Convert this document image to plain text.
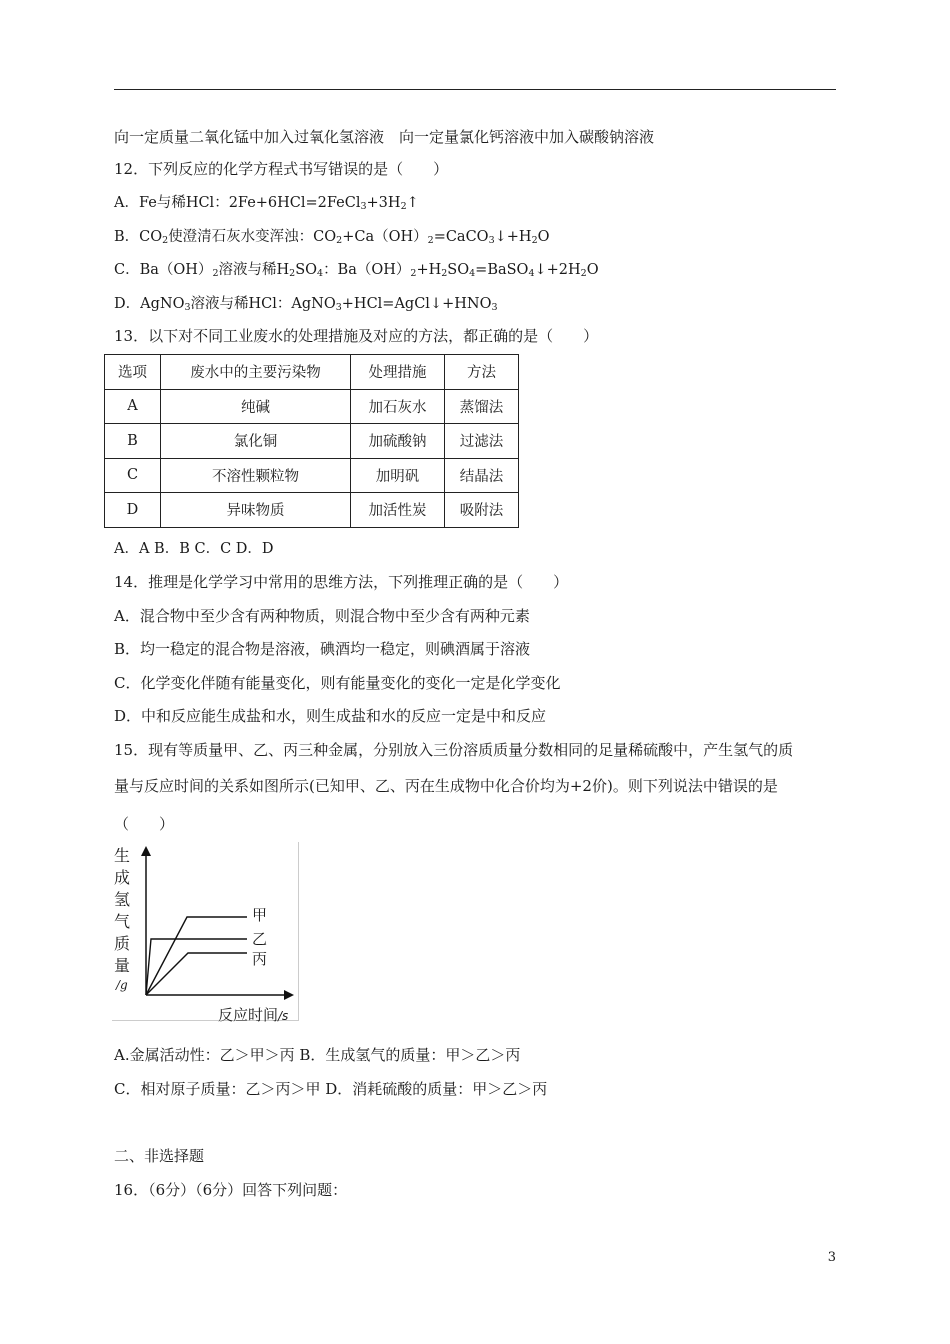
向一定质量二氧化锰中加入过氧化氢溶液　向一定量氯化钙溶液中加入碳酸钠溶液
12．下列反应的化学方程式书写错误的是（　　）
A．Fe与稀HCl：$2Fe+6HCl=2FeCl_3+3H_2↑$
B．$CO_2$使澄清石灰水变浑浊：$CO_2+Ca(OH)_2=CaCO_3↓+H_2O$
C．$Ba(OH)_2$溶液与稀$H_2SO_4$：$Ba(OH)_2+H_2SO_4=BaSO_4↓+2H_2O$
D．AgNO$_3$溶液与稀HCl：$AgNO_3+HCl=AgCl↓+HNO_3$
13．以下对不同工业废水的处理措施及对应的方法，都正确的是（　　）
选项	废水中的主要污染物	处理措施	方法
A	纯碱	加石灰水	蒸馏法
B	氯化铜	加硫酸钠	过滤法
C	不溶性颗粒物	加明矾	结晶法
D	异味物质	加活性炭	吸附法
A．A B．B C．C D．D
14．推理是化学学习中常用的思维方法，下列推理正确的是（　　）
A．混合物中至少含有两种物质，则混合物中至少含有两种元素
B．均一稳定的混合物是溶液，碘酒均一稳定，则碘酒属于溶液
C．化学变化伴随有能量变化，则有能量变化的变化一定是化学变化
D．中和反应能生成盐和水，则生成盐和水的反应一定是中和反应
15．现有等质量甲、乙、丙三种金属，分别放入三份溶质质量分数相同的足量稀硫酸中，产生氢气的质
量与反应时间的关系如图所示(已知甲、乙、丙在生成物中化合价均为+2价)。则下列说法中错误的是
（　　）
生
成
氢
气
质
量
/g
反应时间/s
甲
乙
丙
A.金属活动性：乙＞甲＞丙 B．生成氢气的质量：甲＞乙＞丙
C．相对原子质量：乙＞丙＞甲 D．消耗硫酸的质量：甲＞乙＞丙
二、非选择题
16．（6分）（6分）回答下列问题：
3
